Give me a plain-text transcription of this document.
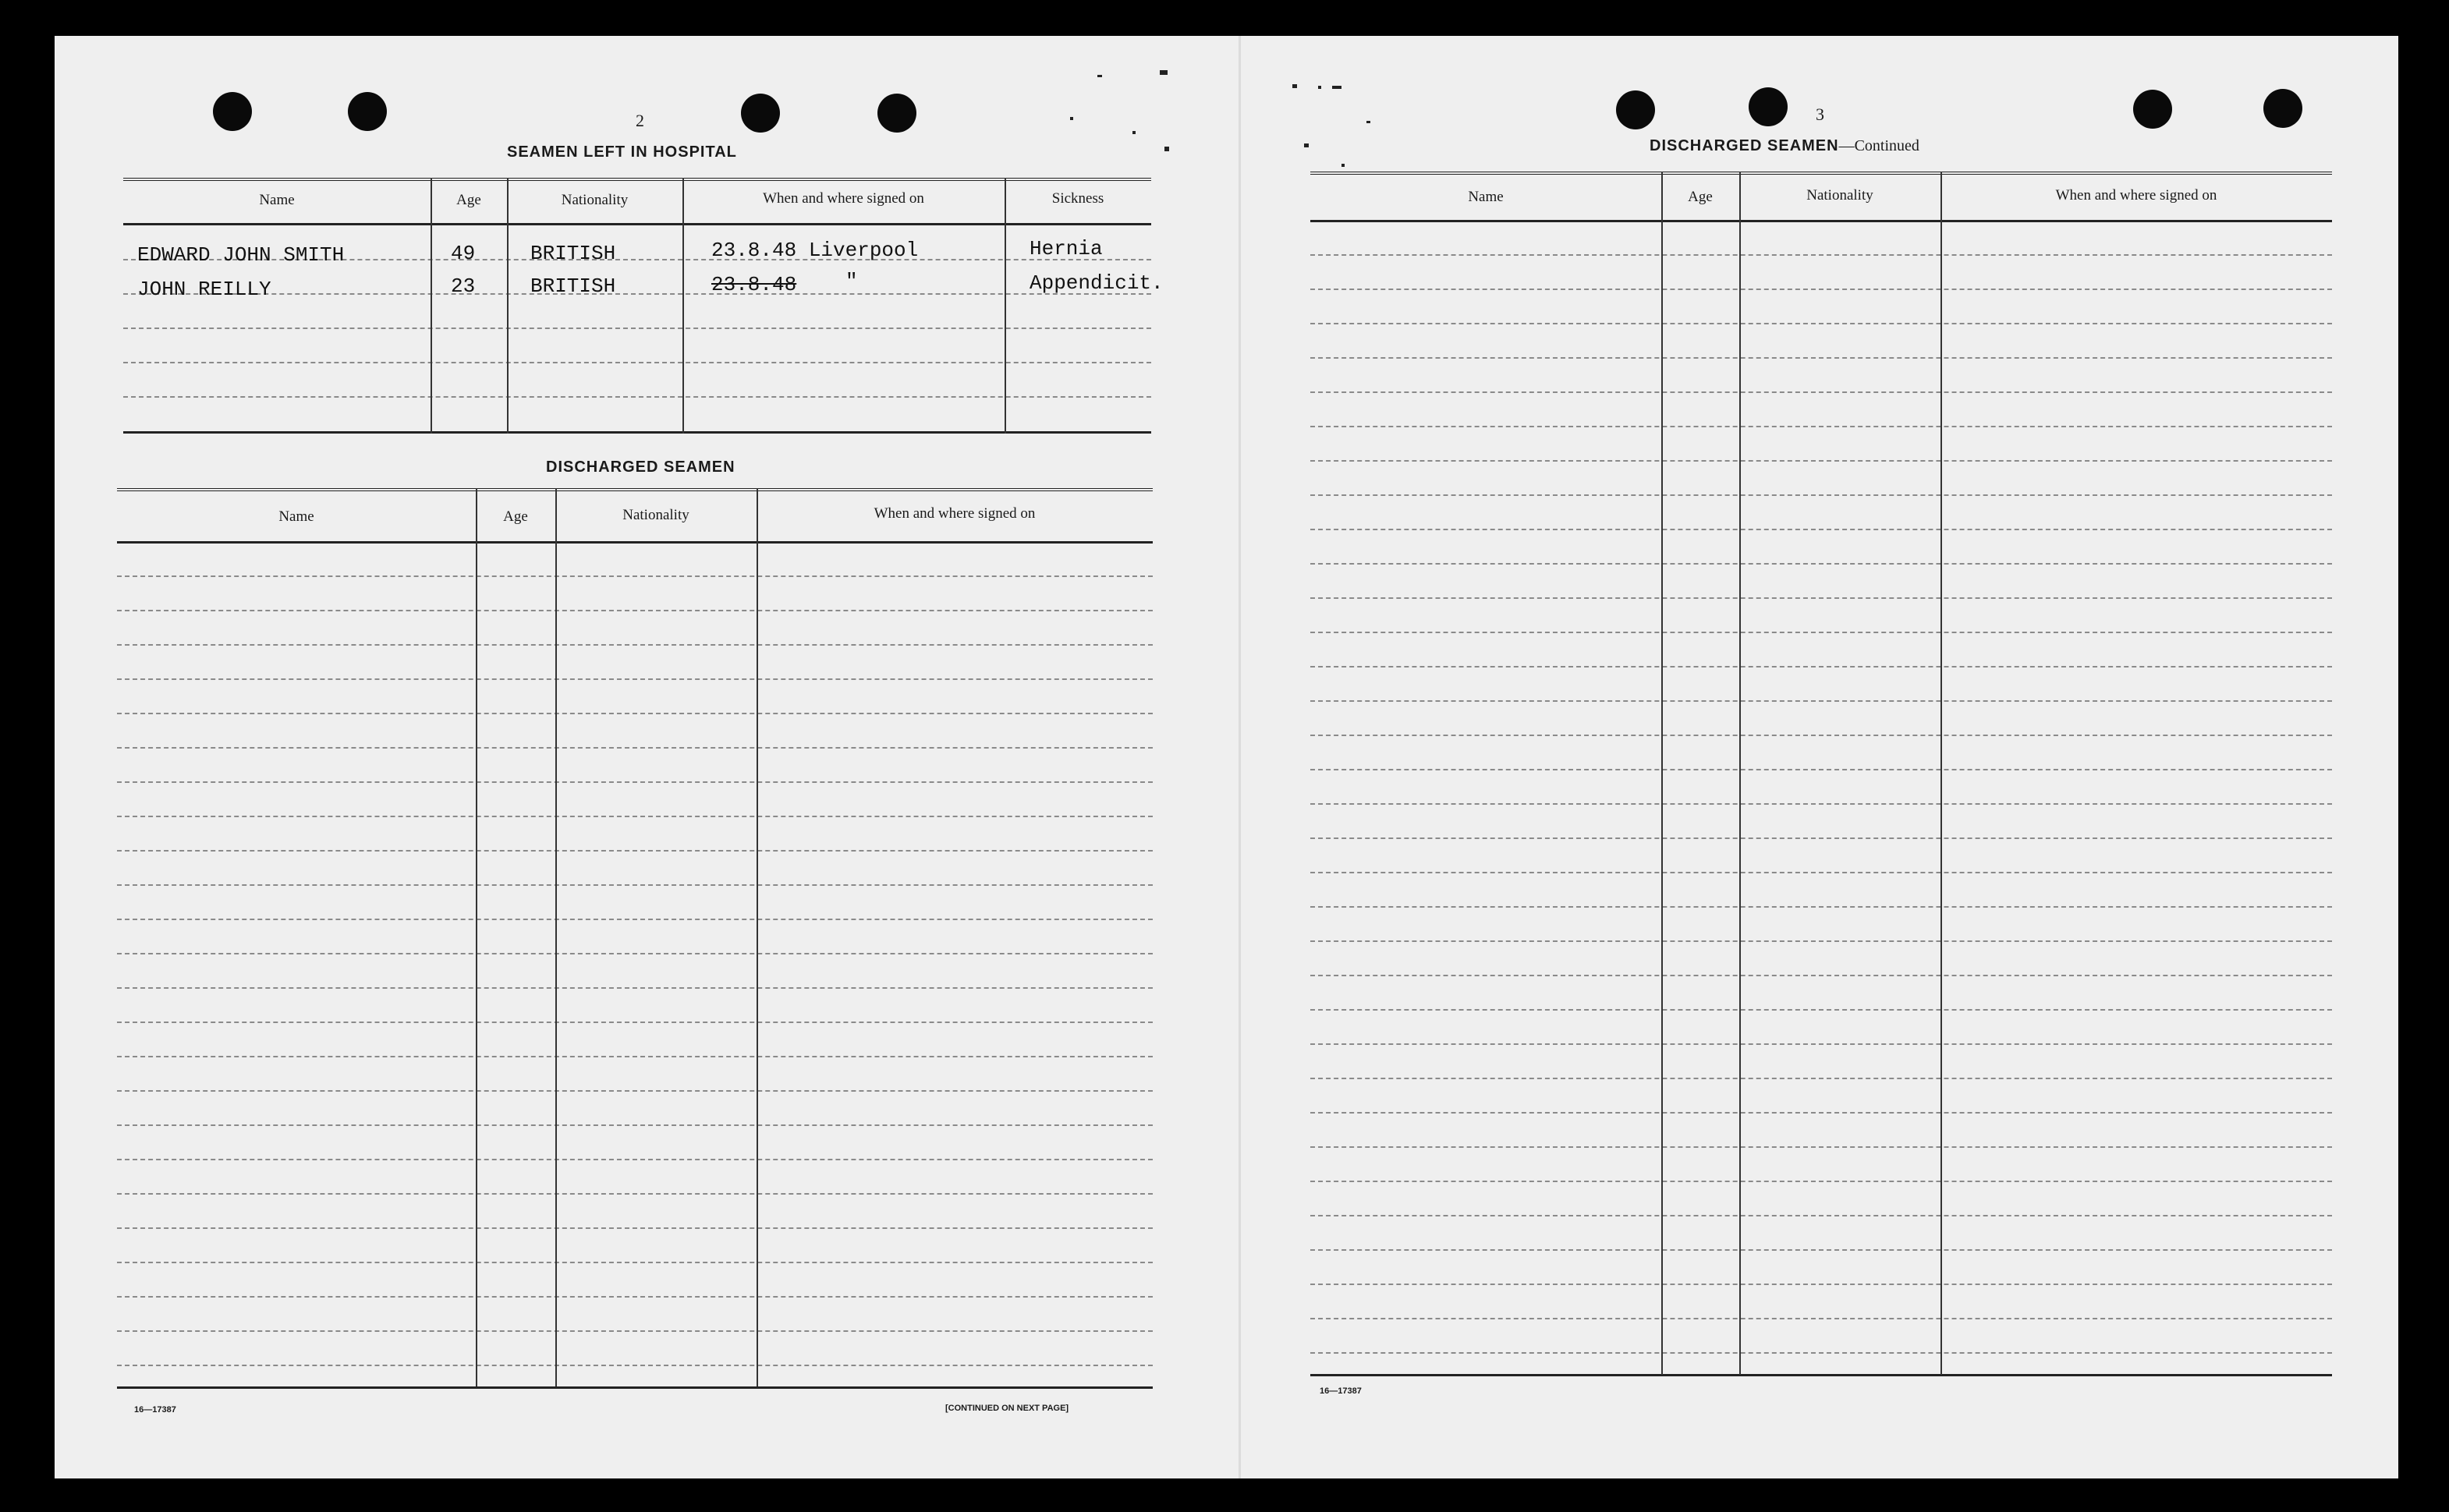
2
SEAMEN LEFT IN HOSPITAL
Name	Age	Nationality	When and where signed on	Sickness
EDWARD JOHN SMITH	49	BRITISH	23.8.48 Liverpool	Hernia
JOHN REILLY	23	BRITISH	23.8.48 "	Appendicit.
DISCHARGED SEAMEN
Name	Age	Nationality	When and where signed on
16—17387	[CONTINUED ON NEXT PAGE]
3
DISCHARGED SEAMEN—Continued
Name	Age	Nationality	When and where signed on
16—17387
